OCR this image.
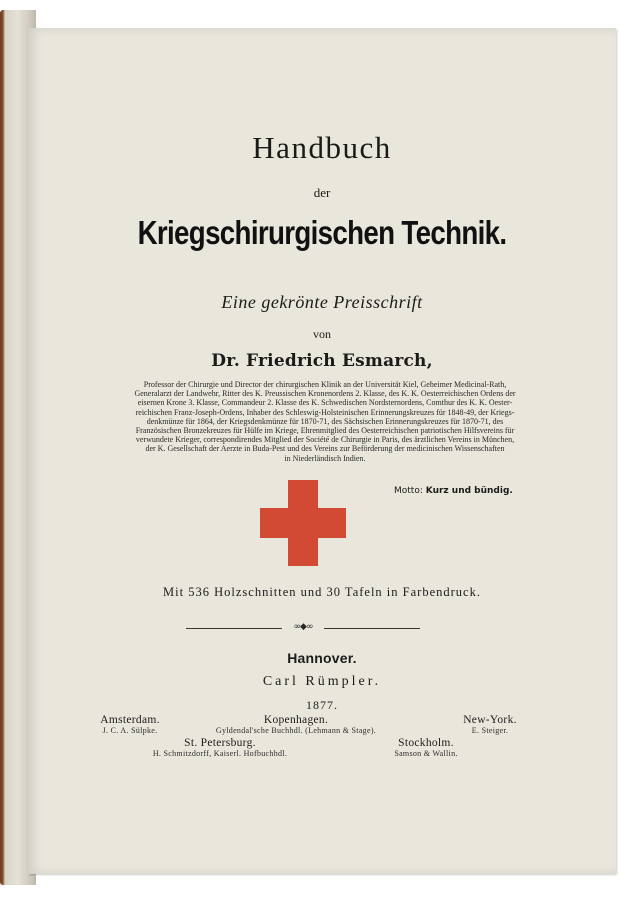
Handbuch
der
Kriegschirurgischen Technik.
Eine gekrönte Preisschrift
von
Dr. Friedrich Esmarch,
Professor der Chirurgie und Director der chirurgischen Klinik an der Universität Kiel, Geheimer Medicinal-Rath,
Generalarzt der Landwehr, Ritter des K. Preussischen Kronenordens 2. Klasse, des K. K. Oesterreichischen Ordens der
eisernen Krone 3. Klasse, Commandeur 2. Klasse des K. Schwedischen Nordsternordens, Comthur des K. K. Oester-
reichischen Franz-Joseph-Ordens, Inhaber des Schleswig-Holsteinischen Erinnerungskreuzes für 1848-49, der Kriegs-
denkmünze für 1864, der Kriegsdenkmünze für 1870-71, des Sächsischen Erinnerungskreuzes für 1870-71, des
Französischen Bronzekreuzes für Hülfe im Kriege, Ehrenmitglied des Oesterreichischen patriotischen Hilfsvereins für
verwundete Krieger, correspondirendes Mitglied der Société de Chirurgie in Paris, des ärztlichen Vereins in München,
der K. Gesellschaft der Aerzte in Buda-Pest und des Vereins zur Beförderung der medicinischen Wissenschaften
in Niederländisch Indien.
Motto: Kurz und bündig.
Mit 536 Holzschnitten und 30 Tafeln in Farbendruck.
∞◆∞
Hannover.
Carl Rümpler.
1877.
Amsterdam.
J. C. A. Sülpke.
Kopenhagen.
Gyldendal'sche Buchhdl. (Lehmann & Stage).
New-York.
E. Steiger.
St. Petersburg.
H. Schmitzdorff, Kaiserl. Hofbuchhdl.
Stockholm.
Samson & Wallin.
